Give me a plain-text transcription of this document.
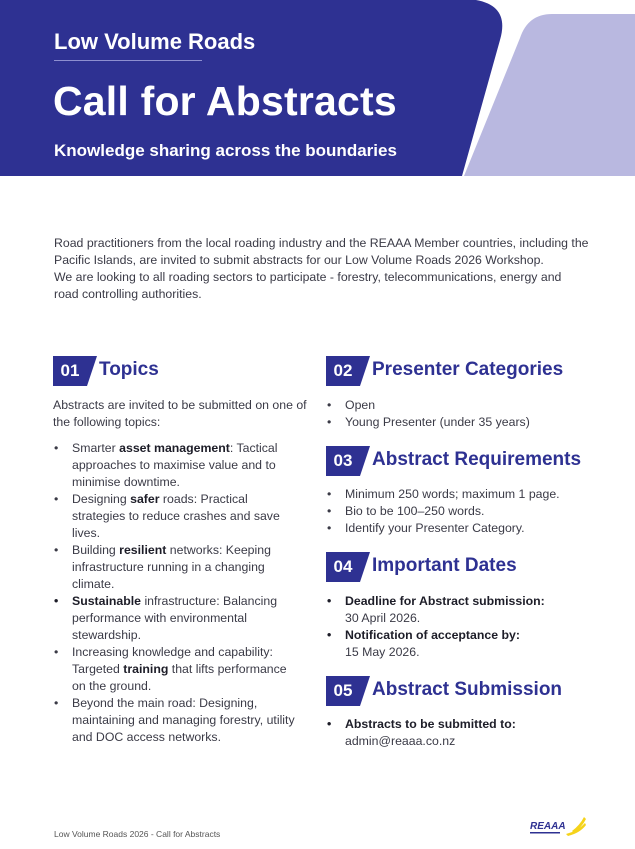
Low Volume Roads
Call for Abstracts
Knowledge sharing across the boundaries

Road practitioners from the local roading industry and the REAAA Member countries, including the Pacific Islands, are invited to submit abstracts for our Low Volume Roads 2026 Workshop.

We are looking to all roading sectors to participate - forestry, telecommunications, energy and road controlling authorities.

01	Topics
Abstracts are invited to be submitted on one of the following topics:
• Smarter asset management: Tactical approaches to maximise value and to minimise downtime.
• Designing safer roads: Practical strategies to reduce crashes and save lives.
• Building resilient networks: Keeping infrastructure running in a changing climate.
• Sustainable infrastructure: Balancing performance with environmental stewardship.
• Increasing knowledge and capability: Targeted training that lifts performance on the ground.
• Beyond the main road: Designing, maintaining and managing forestry, utility and DOC access networks.
02	Presenter Categories
• Open
• Young Presenter (under 35 years)
03	Abstract Requirements
• Minimum 250 words; maximum 1 page.
• Bio to be 100–250 words.
• Identify your Presenter Category.
04	Important Dates
• Deadline for Abstract submission:
30 April 2026.
• Notification of acceptance by:
15 May 2026.
05	Abstract Submission
• Abstracts to be submitted to:
admin@reaaa.co.nz
Low Volume Roads 2026 - Call for Abstracts
REAAA
